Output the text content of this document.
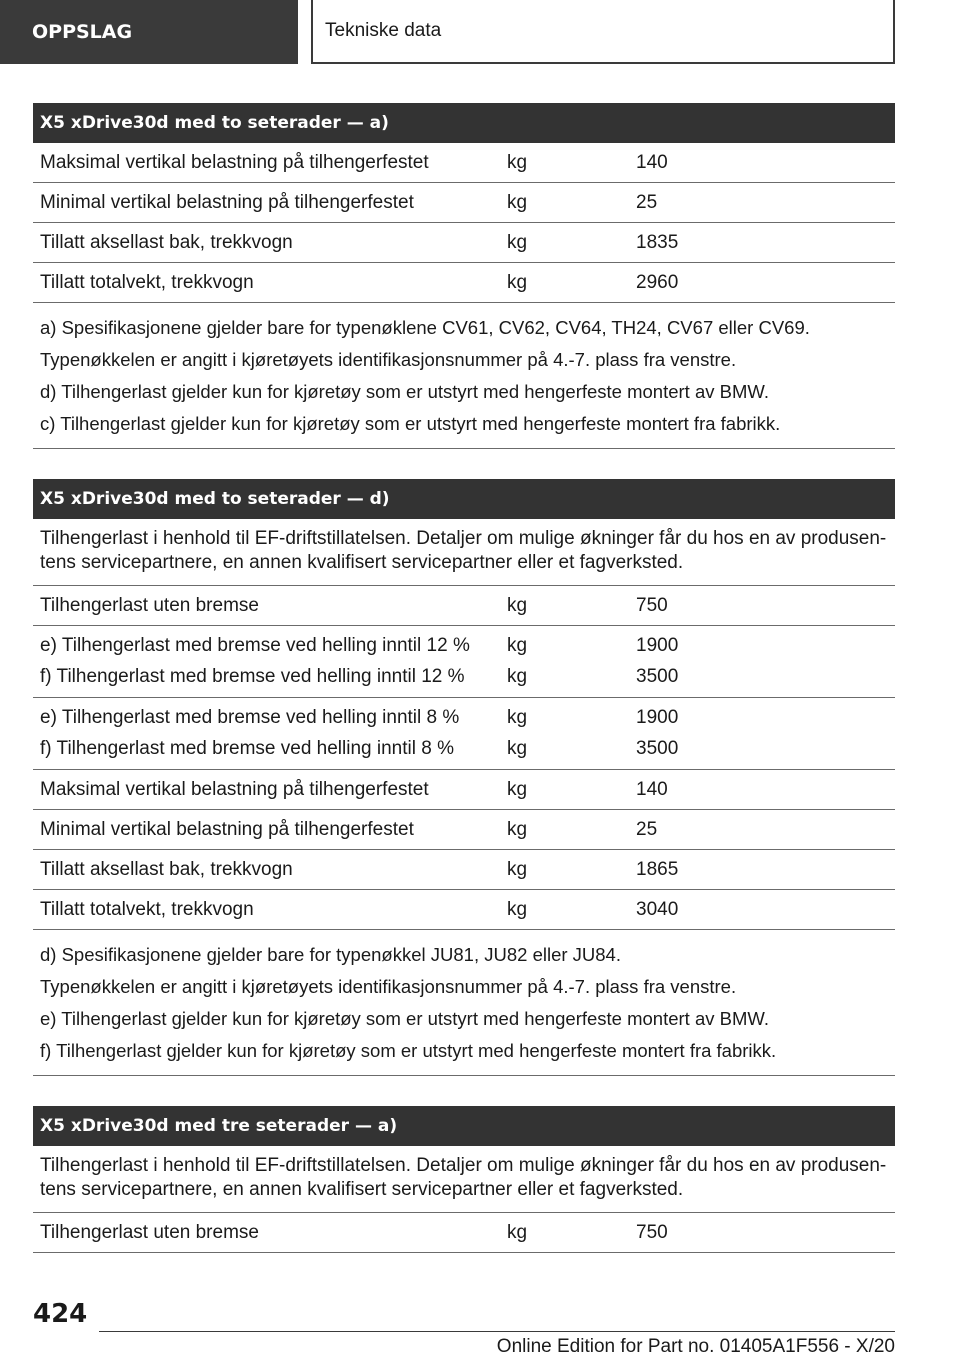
OPPSLAG	Tekniske data
X5 xDrive30d med to seterader — a)
Maksimal vertikal belastning på tilhengerfestet	kg	140
Minimal vertikal belastning på tilhengerfestet	kg	25
Tillatt aksellast bak, trekkvogn	kg	1835
Tillatt totalvekt, trekkvogn	kg	2960
a) Spesifikasjonene gjelder bare for typenøklene CV61, CV62, CV64, TH24, CV67 eller CV69.
Typenøkkelen er angitt i kjøretøyets identifikasjonsnummer på 4.-7. plass fra venstre.
d) Tilhengerlast gjelder kun for kjøretøy som er utstyrt med hengerfeste montert av BMW.
c) Tilhengerlast gjelder kun for kjøretøy som er utstyrt med hengerfeste montert fra fabrikk.
X5 xDrive30d med to seterader — d)
Tilhengerlast i henhold til EF-driftstillatelsen. Detaljer om mulige økninger får du hos en av produsen-tens servicepartnere, en annen kvalifisert servicepartner eller et fagverksted.
Tilhengerlast uten bremse	kg	750
e) Tilhengerlast med bremse ved helling inntil 12 %	kg	1900
f) Tilhengerlast med bremse ved helling inntil 12 %	kg	3500
e) Tilhengerlast med bremse ved helling inntil 8 %	kg	1900
f) Tilhengerlast med bremse ved helling inntil 8 %	kg	3500
Maksimal vertikal belastning på tilhengerfestet	kg	140
Minimal vertikal belastning på tilhengerfestet	kg	25
Tillatt aksellast bak, trekkvogn	kg	1865
Tillatt totalvekt, trekkvogn	kg	3040
d) Spesifikasjonene gjelder bare for typenøkkel JU81, JU82 eller JU84.
Typenøkkelen er angitt i kjøretøyets identifikasjonsnummer på 4.-7. plass fra venstre.
e) Tilhengerlast gjelder kun for kjøretøy som er utstyrt med hengerfeste montert av BMW.
f) Tilhengerlast gjelder kun for kjøretøy som er utstyrt med hengerfeste montert fra fabrikk.
X5 xDrive30d med tre seterader — a)
Tilhengerlast i henhold til EF-driftstillatelsen. Detaljer om mulige økninger får du hos en av produsen-tens servicepartnere, en annen kvalifisert servicepartner eller et fagverksted.
Tilhengerlast uten bremse	kg	750
424
Online Edition for Part no. 01405A1F556 - X/20
